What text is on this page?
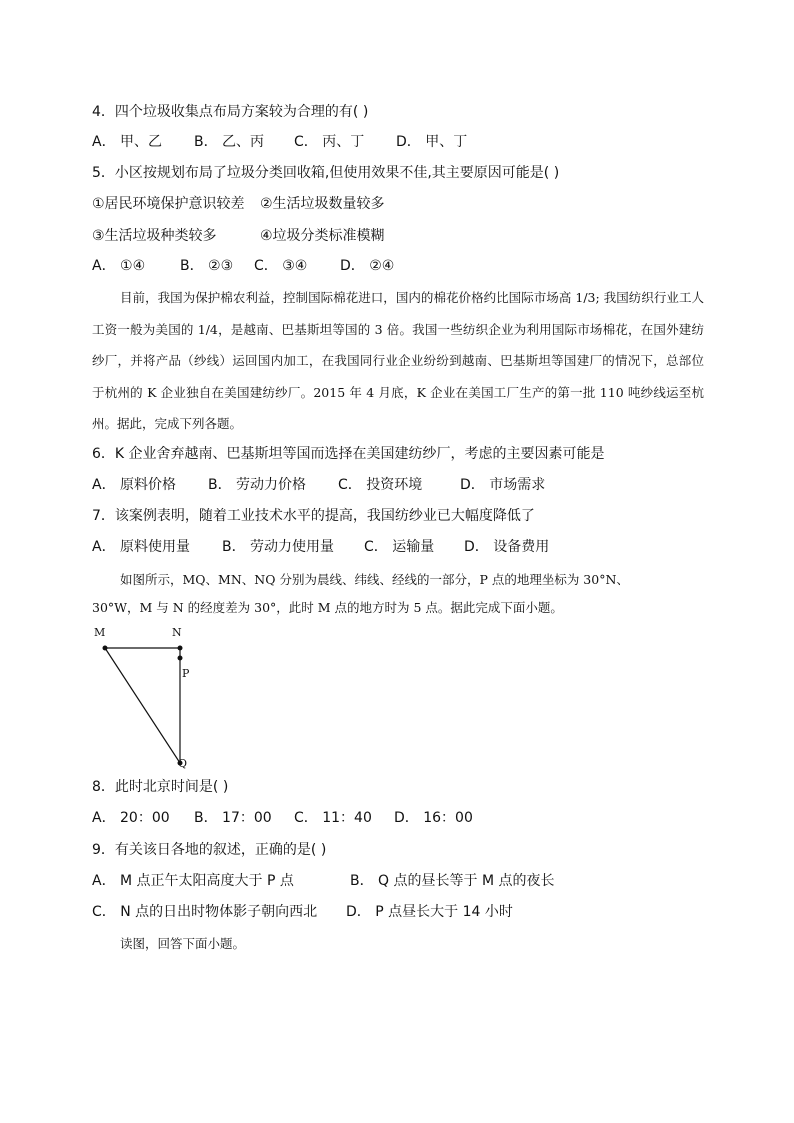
4．四个垃圾收集点布局方案较为合理的有( )
A． 甲、乙 B． 乙、丙 C． 丙、丁 D． 甲、丁
5．小区按规划布局了垃圾分类回收箱,但使用效果不佳,其主要原因可能是( )
①居民环境保护意识较差 ②生活垃圾数量较多
③生活垃圾种类较多	④垃圾分类标准模糊
A． ①④ B． ②③ C． ③④ D． ②④
目前，我国为保护棉农利益，控制国际棉花进口，国内的棉花价格约比国际市场高 1/3; 我国纺织行业工人工资一般为美国的 1/4，是越南、巴基斯坦等国的 3 倍。我国一些纺织企业为利用国际市场棉花，在国外建纺纱厂，并将产品（纱线）运回国内加工，在我国同行业企业纷纷到越南、巴基斯坦等国建厂的情况下，总部位于杭州的 K 企业独自在美国建纺纱厂。2015 年 4 月底，K 企业在美国工厂生产的第一批 110 吨纱线运至杭州。据此，完成下列各题。
6．K 企业舍弃越南、巴基斯坦等国而选择在美国建纺纱厂，考虑的主要因素可能是
A． 原料价格 B． 劳动力价格 C． 投资环境	D． 市场需求
7．该案例表明，随着工业技术水平的提高，我国纺纱业已大幅度降低了
A． 原料使用量 B． 劳动力使用量 C． 运输量 D． 设备费用
如图所示，MQ、MN、NQ 分别为晨线、纬线、经线的一部分，P 点的地理坐标为 30°N、
30°W，M 与 N 的经度差为 30°，此时 M 点的地方时为 5 点。据此完成下面小题。
M	N
P
Q
8．此时北京时间是( )
A． 20：00 B． 17：00 C． 11：40 D． 16：00
9．有关该日各地的叙述，正确的是( )
A． M 点正午太阳高度大于 P 点	B． Q 点的昼长等于 M 点的夜长
C． N 点的日出时物体影子朝向西北 D． P 点昼长大于 14 小时
读图，回答下面小题。
